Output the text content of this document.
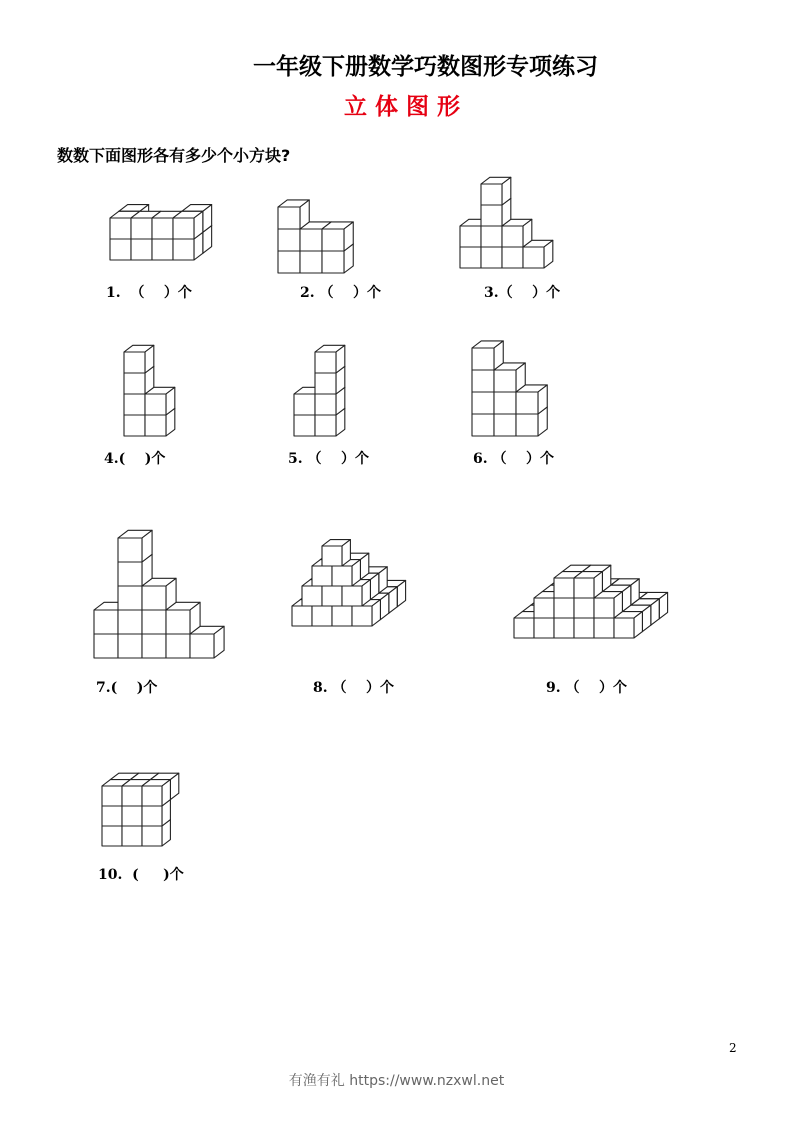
一年级下册数学巧数图形专项练习
立体图形
数数下面图形各有多少个小方块?
1.  （    ）个	2. （    ）个	3.（    ）个
4.(    )个	5. （    ）个	6. （    ）个
7.(    )个	8. （    ）个	9. （    ）个
10.  (     )个
2
有渔有礼 https://www.nzxwl.net
